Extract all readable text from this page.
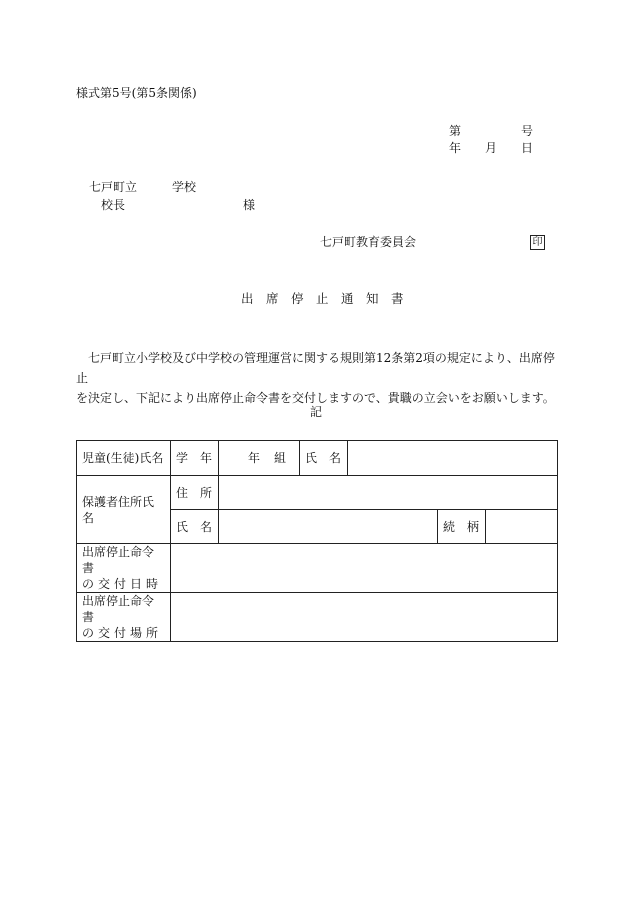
様式第5号(第5条関係)
第	号
年 月 日
七戸町立	学校
校長	様
七戸町教育委員会	印
出　席　停　止　通　知　書

七戸町立小学校及び中学校の管理運営に関する規則第12条第2項の規定により、出席停止

を決定し、下記により出席停止命令書を交付しますので、貴職の立会いをお願いします。

記
児童(生徒)氏名	学　年	年 組	氏　名			
保護者住所氏名	住　所					
	氏　名				続　柄	

出席停止命令書
の交付日時						

出席停止命令書
の交付場所						
